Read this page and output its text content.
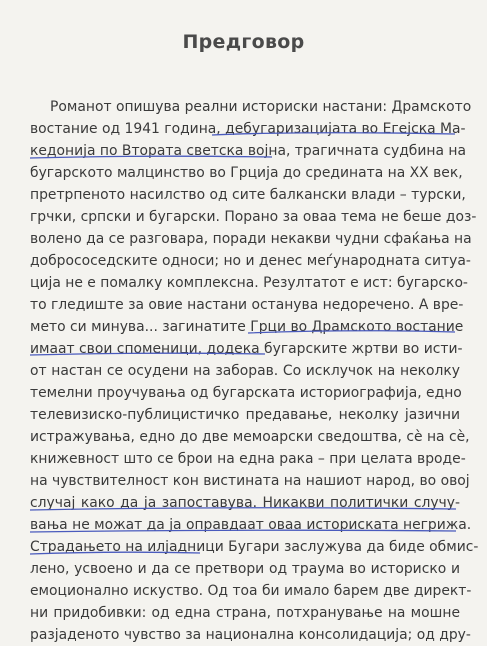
Предговор
Романот опишува реални историски настани: Драмското
востание од 1941 година, дебугаризацијата во Егејска Ма-
кедонија по Втората светска војна, трагичната судбина на
бугарското малцинство во Грција до средината на XX век,
претрпеното насилство од сите балкански влади – турски,
грчки, српски и бугарски. Порано за оваа тема не беше доз-
волено да се разговара, поради некакви чудни сфаќања на
добрососедските односи; но и денес меѓународната ситуа-
ција не е помалку комплексна. Резултатот е ист: бугарско-
то гледиште за овие настани останува недоречено. А вре-
мето си минува... загинатите Грци во Драмското востание
имаат свои споменици, додека бугарските жртви во исти-
от настан се осудени на заборав. Со исклучок на неколку
темелни проучувања од бугарската историографија, едно
телевизиско-публицистичко предавање, неколку јазични
истражувања, едно до две мемоарски сведоштва, сè на сè,
книжевност што се брои на една рака – при целата вроде-
на чувствителност кон вистината на нашиот народ, во овој
случај како да ја запоставува. Никакви политички случу-
вања не можат да ја оправдаат оваа историската негрижа.
Страдањето на илјадници Бугари заслужува да биде обмис-
лено, усвоено и да се претвори од траума во историско и
емоционално искуство. Од тоа би имало барем две директ-
ни придобивки: од една страна, потхранување на мошне
разјаденото чувство за национална консолидација; од дру-
